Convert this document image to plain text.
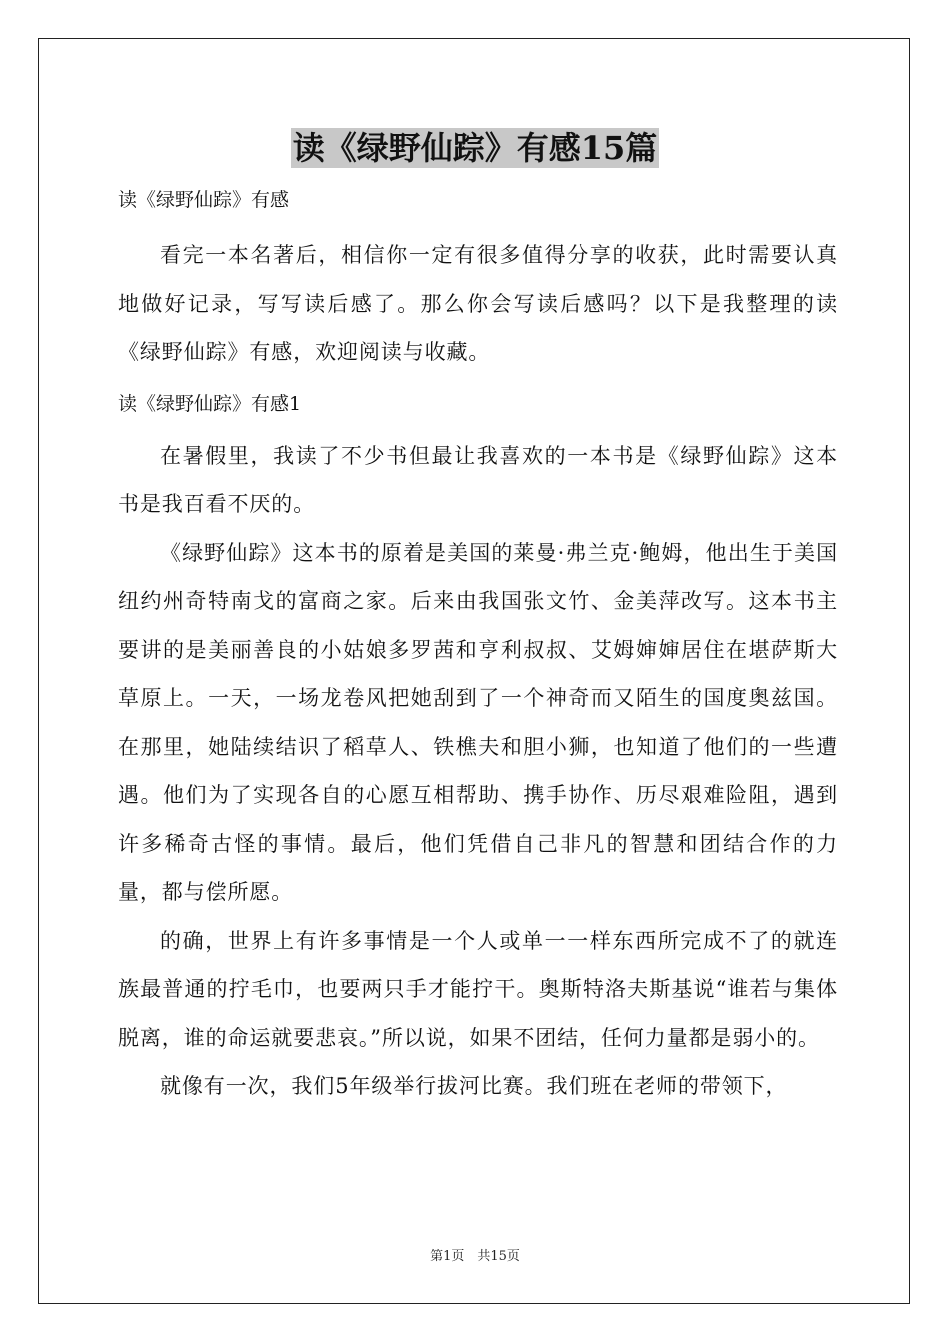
读《绿野仙踪》有感15篇

读《绿野仙踪》有感

看完一本名著后，相信你一定有很多值得分享的收获，此时需要认真地做好记录，写写读后感了。那么你会写读后感吗？以下是我整理的读《绿野仙踪》有感，欢迎阅读与收藏。

读《绿野仙踪》有感1

在暑假里，我读了不少书但最让我喜欢的一本书是《绿野仙踪》这本书是我百看不厌的。

《绿野仙踪》这本书的原着是美国的莱曼·弗兰克·鲍姆，他出生于美国纽约州奇特南戈的富商之家。后来由我国张文竹、金美萍改写。这本书主要讲的是美丽善良的小姑娘多罗茜和亨利叔叔、艾姆婶婶居住在堪萨斯大草原上。一天，一场龙卷风把她刮到了一个神奇而又陌生的国度奥兹国。在那里，她陆续结识了稻草人、铁樵夫和胆小狮，也知道了他们的一些遭遇。他们为了实现各自的心愿互相帮助、携手协作、历尽艰难险阻，遇到许多稀奇古怪的事情。最后，他们凭借自己非凡的智慧和团结合作的力量，都与偿所愿。

的确，世界上有许多事情是一个人或单一一样东西所完成不了的就连族最普通的拧毛巾，也要两只手才能拧干。奥斯特洛夫斯基说“谁若与集体脱离，谁的命运就要悲哀。”所以说，如果不团结，任何力量都是弱小的。

就像有一次，我们5年级举行拔河比赛。我们班在老师的带领下，

第1页　共15页
